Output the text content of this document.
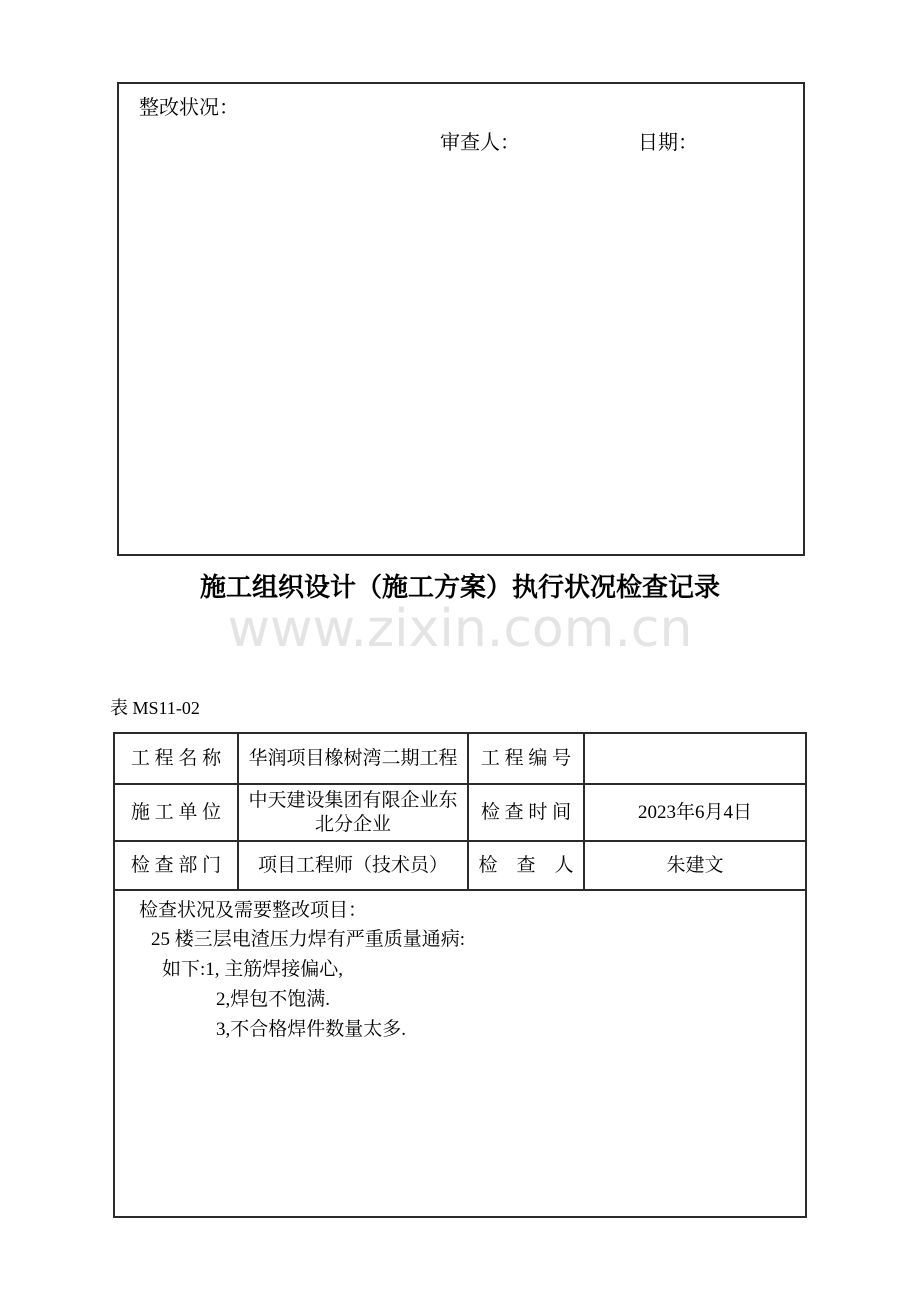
整改状况：
审查人：	日期：
施工组织设计（施工方案）执行状况检查记录
www.zixin.com.cn
表 MS11-02
工 程 名 称	华润项目橡树湾二期工程	工 程 编 号	
施 工 单 位	中天建设集团有限企业东北分企业	检 查 时 间	2023年6月4日
检 查 部 门	项目工程师（技术员）	检　查　人	朱建文

检查状况及需要整改项目：
25 楼三层电渣压力焊有严重质量通病:
如下:1, 主筋焊接偏心,
2,焊包不饱满.
3,不合格焊件数量太多.			
